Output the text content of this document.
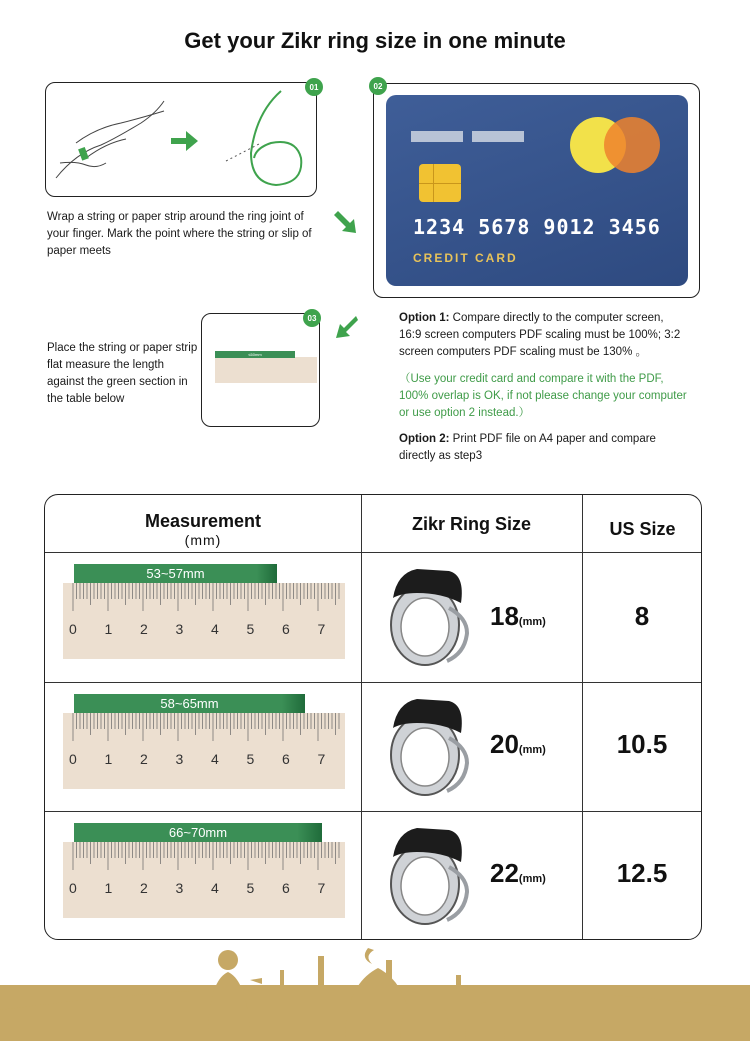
Get your Zikr ring size in one minute
01
Wrap a string or paper strip around the ring joint of your finger. Mark the point where the string or slip of paper meets
02
1234 5678 9012 3456
CREDIT CARD
Place the string or paper strip flat measure the length against the green section in the table below
≤60mm
03	Option 1: Compare directly to the computer screen, 16:9 screen computers PDF scaling must be 100%; 3:2 screen computers PDF scaling must be 130% 。
（Use your credit card and compare it with the PDF, 100% overlap is OK, if not please change your computer or use option 2 instead.）
Option 2: Print PDF file on A4 paper and compare directly as step3
Measurement
(mm)
Zikr Ring Size	US Size
0 1 2 3 4 5 6 7
53~57mm
18(mm)	8
0 1 2 3 4 5 6 7
58~65mm
20(mm)	10.5
0 1 2 3 4 5 6 7
66~70mm
22(mm)	12.5
